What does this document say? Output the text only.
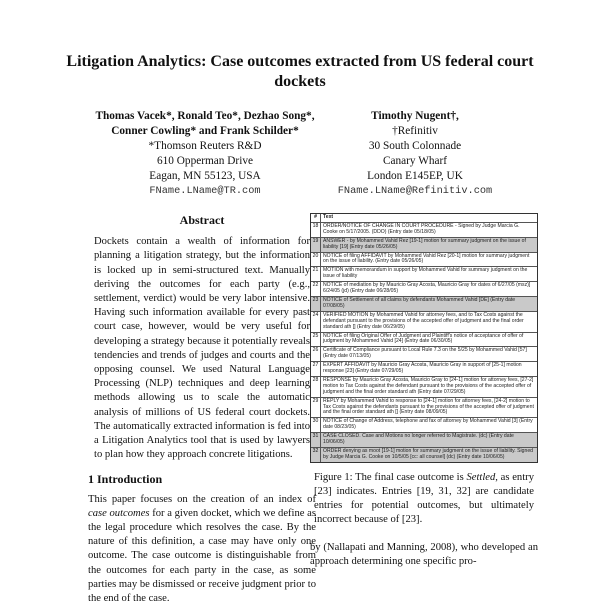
Litigation Analytics: Case outcomes extracted from US federal court dockets
Thomas Vacek*, Ronald Teo*, Dezhao Song*,
Conner Cowling* and Frank Schilder*
*Thomson Reuters R&D
610 Opperman Drive
Eagan, MN 55123, USA
FName.LName@TR.com
Timothy Nugent†,
†Refinitiv
30 South Colonnade
Canary Wharf
London E145EP, UK
FName.LName@Refinitiv.com
Abstract
Dockets contain a wealth of information for planning a litigation strategy, but the information is locked up in semi-structured text. Manually deriving the outcomes for each party (e.g., settlement, verdict) would be very labor intensive. Having such information available for every past court case, however, would be very useful for developing a strategy because it potentially reveals tendencies and trends of judges and courts and the opposing counsel. We used Natural Language Processing (NLP) techniques and deep learning methods allowing us to scale the automatic analysis of millions of US federal court dockets. The automatically extracted information is fed into a Litigation Analytics tool that is used by lawyers to plan how they approach concrete litigations.
1 Introduction
This paper focuses on the creation of an index of case outcomes for a given docket, which we define as the legal procedure which resolves the case. By the nature of this definition, a case may have only one outcome. The case outcome is distinguishable from the outcomes for each party in the case, as some parties may be dismissed or receive judgment prior to the end of the case.
#	Text
18 ORDER/NOTICE OF CHANGE IN COURT PROCEDURE - Signed by Judge Marcia G. Cooke on 5/17/2005. (DDO) (Entry date 05/18/05)
19 ANSWER - by Mohammed Vahid Rez [19-1] motion for summary judgment on the issue of liability [19] (Entry date 05/26/05)
20 NOTICE of filing AFFIDAVIT by Mohammed Vahid Rez [20-1] motion for summary judgment on the issue of liability. (Entry date 05/26/05)
21 MOTION with memorandum in support by Mohammed Vahid for summary judgment on the issue of liability
22 NOTICE of mediation by by Mauricio Gray Acosta, Mauricio Gray for dates of 6/27/05 (msz)] 6/24/05 (jd) (Entry date 06/28/05)
23 NOTICE of Settlement of all claims by defendants Mohammed Vahid [DE] (Entry date 07/08/05)
24 VERIFIED MOTION by Mohammed Vahid for attorney fees, and to Tax Costs against the defendant pursuant to the provisions of the accepted offer of judgment and the final order standard ath [] (Entry date 06/29/05)
25 NOTICE of filing Original Offer of Judgment and Plaintiff's notice of acceptance of offer of judgment by Mohammed Vahid [24] (Entry date 06/30/05)
26 Certificate of Compliance pursuant to Local Rule 7.3 on the 5/25 by Mohammed Vahid [57] (Entry date 07/13/05)
27 EXPERT AFFIDAVIT by Mauricio Gray Acosta, Mauricio Gray in support of [25-1] motion response [23] (Entry date 07/29/05)
28 RESPONSE by Mauricio Gray Acosta, Mauricio Gray to [24-1] motion for attorney fees, [27-2] motion to Tax Costs against the defendant pursuant to the provisions of the accepted offer of judgment and the final order standard ath (Entry date 07/29/05)
29 REPLY by Mohammed Vahid to response to [24-1] motion for attorney fees, [24-2] motion to Tax Costs against the defendants pursuant to the provisions of the accepted offer of judgment and the final order standard ath [] (Entry date 08/09/05)
30 NOTICE of Change of Address, telephone and fax of attorney by Mohammed Vahid [3] (Entry date 08/23/05)
31 CASE CLOSED. Case and Motions no longer referred to Magistrate. (dc) (Entry date 10/06/05)
32 ORDER denying as moot [19-1] motion for summary judgment on the issue of liability. Signed by Judge Marcia G. Cooke on 10/5/05 [cc: all counsel] (dc) (Entry date 10/06/05)
Figure 1: The final case outcome is Settled, as entry [23] indicates. Entries [19, 31, 32] are candidate entries for potential outcomes, but ultimately incorrect because of [23].
by (Nallapati and Manning, 2008), who developed an approach determining one specific pro-
